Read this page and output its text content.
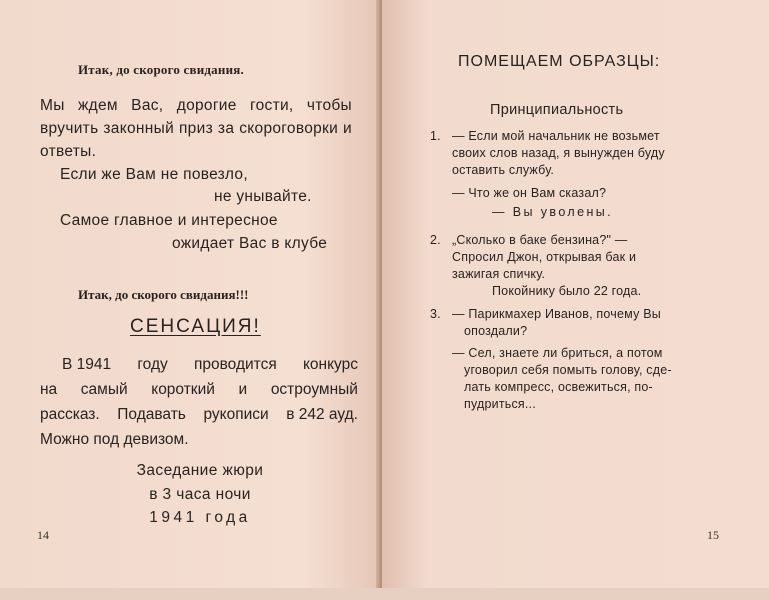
Итак, до скорого свидания.
Мы ждем Вас, дорогие гости, чтобы вручить законный приз за скороговорки и ответы.
Если же Вам не повезло,
не унывайте.
Самое главное и интересное
ожидает Вас в клубе
Итак, до скорого свидания!!!
СЕНСАЦИЯ!
В 1941 году проводится конкурс
на самый короткий и остроумный
рассказ. Подавать рукописи в 242 ауд.
Можно
под
девизом.
Заседание жюри
в 3 часа ночи
1941 года
14
ПОМЕЩАЕМ ОБРАЗЦЫ:
Принципиальность
1. — Если мой начальник не возьмет
своих слов назад, я вынужден буду
оставить службу.
— Что же он Вам сказал?
— Вы уволены.
2. „Сколько в баке бензина?" —
Спросил Джон, открывая бак и
зажигая спичку.
Покойнику было 22 года.
3. — Парикмахер Иванов, почему Вы
опоздали?
— Сел, знаете ли бриться, а потом
уговорил себя помыть голову, сде-
лать компресс, освежиться, по-
пудриться...
15
